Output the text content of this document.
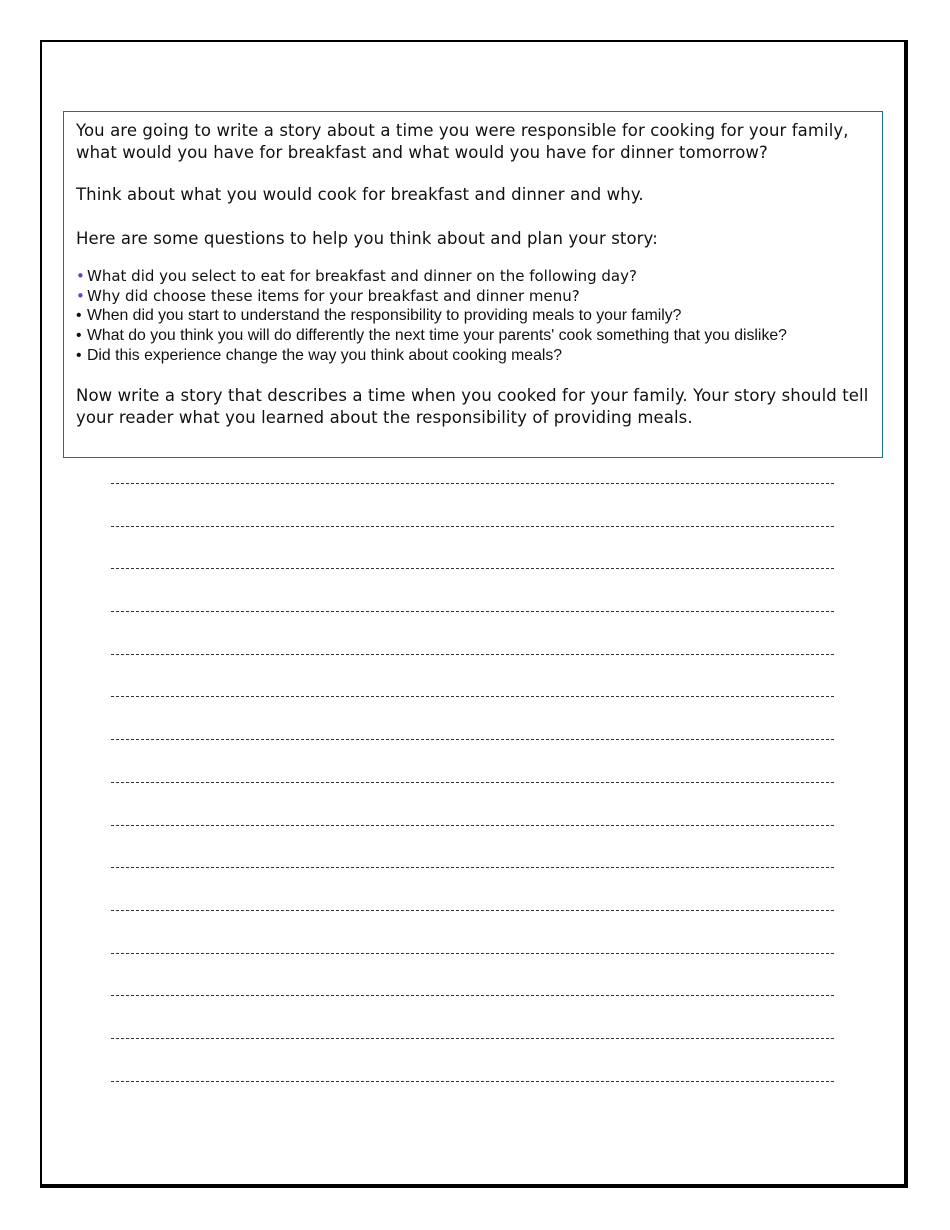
You are going to write a story about a time you were responsible for cooking for your family, what would you have for breakfast and what would you have for dinner tomorrow?

Think about what you would cook for breakfast and dinner and why.

Here are some questions to help you think about and plan your story:

• What did you select to eat for breakfast and dinner on the following day?
• Why did choose these items for your breakfast and dinner menu?
• When did you start to understand the responsibility to providing meals to your family?
• What do you think you will do differently the next time your parents' cook something that you dislike?
• Did this experience change the way you think about cooking meals?

Now write a story that describes a time when you cooked for your family. Your story should tell your reader what you learned about the responsibility of providing meals.
